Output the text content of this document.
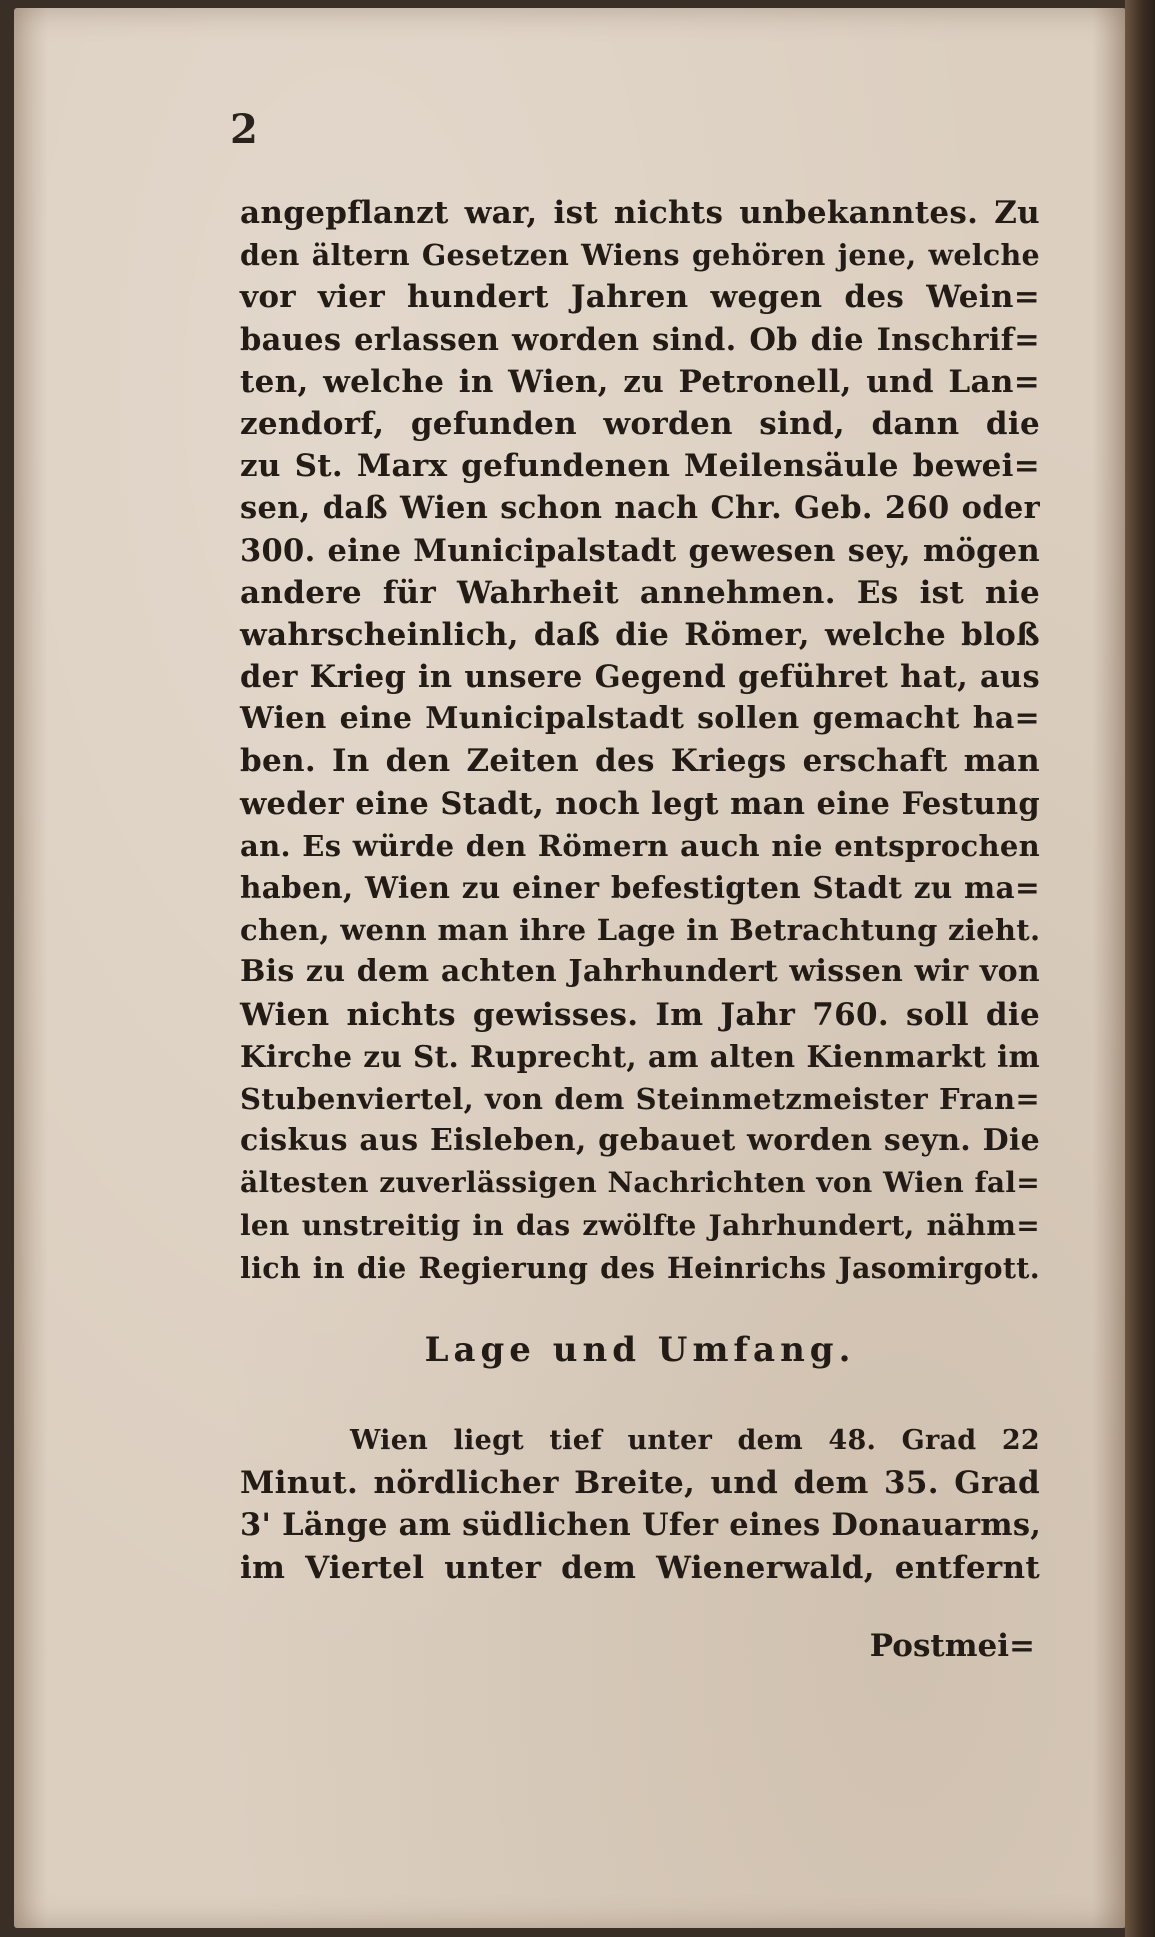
2
angepflanzt war, ist nichts unbekanntes. Zu
den ältern Gesetzen Wiens gehören jene, welche
vor vier hundert Jahren wegen des Wein=
baues erlassen worden sind. Ob die Inschrif=
ten, welche in Wien, zu Petronell, und Lan=
zendorf, gefunden worden sind, dann die
zu St. Marx gefundenen Meilensäule bewei=
sen, daß Wien schon nach Chr. Geb. 260 oder
300. eine Municipalstadt gewesen sey, mögen
andere für Wahrheit annehmen. Es ist nie
wahrscheinlich, daß die Römer, welche bloß
der Krieg in unsere Gegend geführet hat, aus
Wien eine Municipalstadt sollen gemacht ha=
ben. In den Zeiten des Kriegs erschaft man
weder eine Stadt, noch legt man eine Festung
an. Es würde den Römern auch nie entsprochen
haben, Wien zu einer befestigten Stadt zu ma=
chen, wenn man ihre Lage in Betrachtung zieht.
Bis zu dem achten Jahrhundert wissen wir von
Wien nichts gewisses. Im Jahr 760. soll die
Kirche zu St. Ruprecht, am alten Kienmarkt im
Stubenviertel, von dem Steinmetzmeister Fran=
ciskus aus Eisleben, gebauet worden seyn. Die
ältesten zuverlässigen Nachrichten von Wien fal=
len unstreitig in das zwölfte Jahrhundert, nähm=
lich in die Regierung des Heinrichs Jasomirgott.
Lage und Umfang.
Wien liegt tief unter dem 48. Grad 22
Minut. nördlicher Breite, und dem 35. Grad
3' Länge am südlichen Ufer eines Donauarms,
im Viertel unter dem Wienerwald, entfernt
Postmei=
